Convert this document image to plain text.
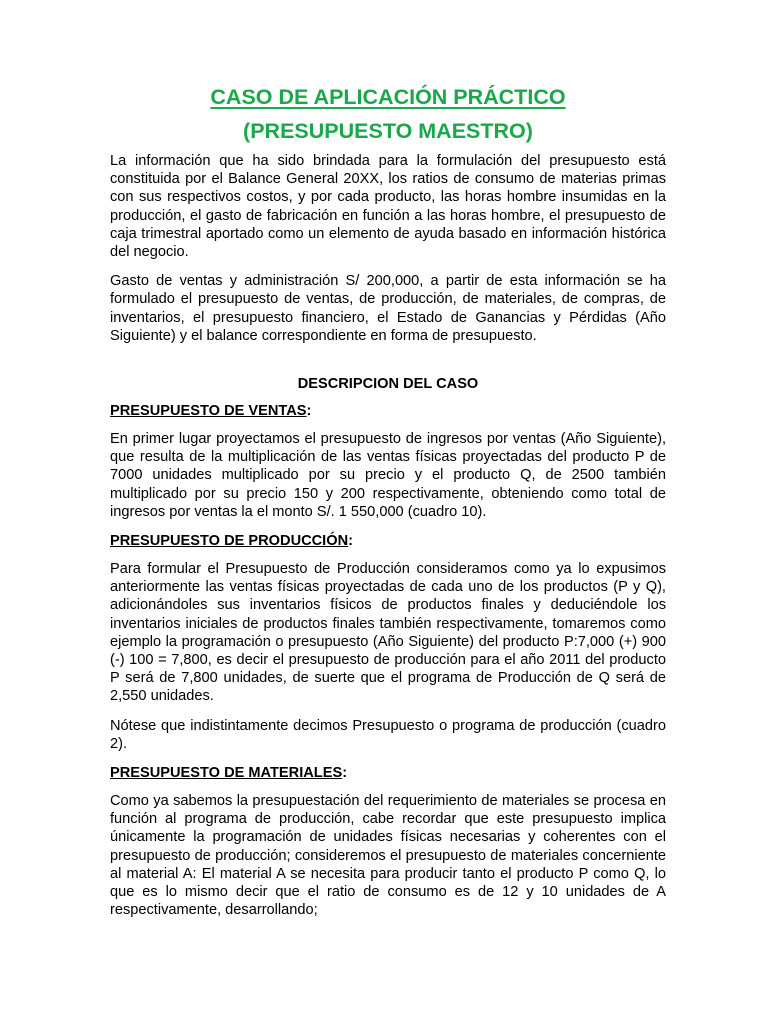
CASO DE APLICACIÓN PRÁCTICO
(PRESUPUESTO MAESTRO)

La información que ha sido brindada para la formulación del presupuesto está constituida por el Balance General 20XX, los ratios de consumo de materias primas con sus respectivos costos, y por cada producto, las horas hombre insumidas en la producción, el gasto de fabricación en función a las horas hombre, el presupuesto de caja trimestral aportado como un elemento de ayuda basado en información histórica del negocio.

Gasto de ventas y administración S/ 200,000, a partir de esta información se ha formulado el presupuesto de ventas, de producción, de materiales, de compras, de inventarios, el presupuesto financiero, el Estado de Ganancias y Pérdidas (Año Siguiente) y el balance correspondiente en forma de presupuesto.

DESCRIPCION DEL CASO
PRESUPUESTO DE VENTAS:

En primer lugar proyectamos el presupuesto de ingresos por ventas (Año Siguiente), que resulta de la multiplicación de las ventas físicas proyectadas del producto P de 7000 unidades multiplicado por su precio y el producto Q, de 2500 también multiplicado por su precio 150 y 200 respectivamente, obteniendo como total de ingresos por ventas la el monto S/. 1 550,000 (cuadro 10).

PRESUPUESTO DE PRODUCCIÓN:

Para formular el Presupuesto de Producción consideramos como ya lo expusimos anteriormente las ventas físicas proyectadas de cada uno de los productos (P y Q), adicionándoles sus inventarios físicos de productos finales y deduciéndole los inventarios iniciales de productos finales también respectivamente, tomaremos como ejemplo la programación o presupuesto (Año Siguiente) del producto P:7,000 (+) 900 (-) 100 = 7,800, es decir el presupuesto de producción para el año 2011 del producto P será de 7,800 unidades, de suerte que el programa de Producción de Q será de 2,550 unidades.

Nótese que indistintamente decimos Presupuesto o programa de producción (cuadro 2).

PRESUPUESTO DE MATERIALES:

Como ya sabemos la presupuestación del requerimiento de materiales se procesa en función al programa de producción, cabe recordar que este presupuesto implica únicamente la programación de unidades físicas necesarias y coherentes con el presupuesto de producción; consideremos el presupuesto de materiales concerniente al material A: El material A se necesita para producir tanto el producto P como Q, lo que es lo mismo decir que el ratio de consumo es de 12 y 10 unidades de A respectivamente, desarrollando;
